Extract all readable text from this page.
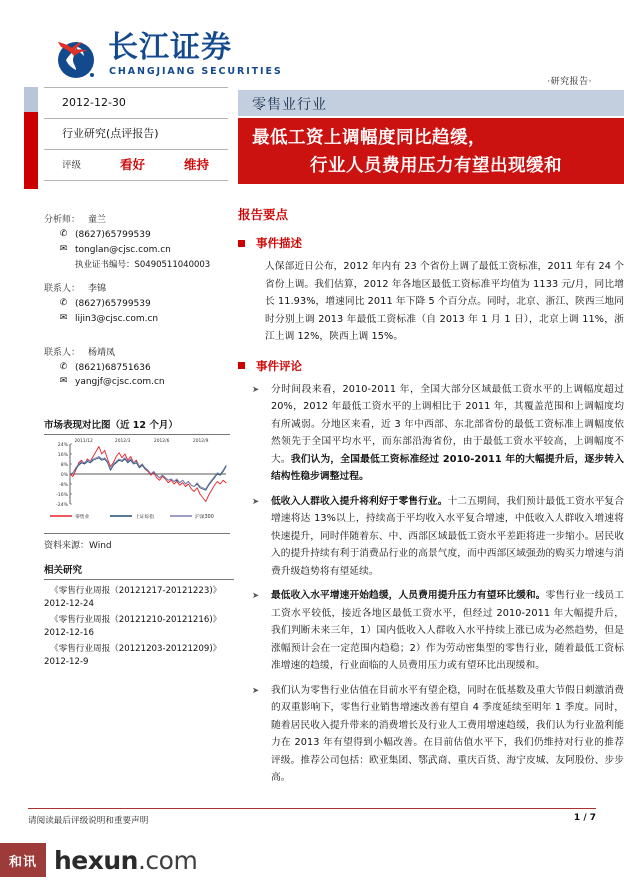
长江证券
CHANGJIANG SECURITIES
·研究报告·
2012-12-30
行业研究(点评报告)
评级	看好	维持
分析师： 童兰
✆ (8627)65799539
✉ tonglan@cjsc.com.cn
执业证书编号：S0490511040003
联系人： 李锦
✆ (8627)65799539
✉ lijin3@cjsc.com.cn
联系人： 杨靖凤
✆ (8621)68751636
✉ yangjf@cjsc.com.cn
市场表现对比图（近 12 个月）
24%
16%
8%
0%
-8%
-16%
-24%
2011/12	2012/3	2012/6	2012/9
零售业	上证综指	沪深300
资料来源：Wind
相关研究
《零售行业周报（20121217-20121223)》
2012-12-24
《零售行业周报（20121210-20121216)》
2012-12-16
《零售行业周报（20121203-20121209)》
2012-12-9
零售业行业
最低工资上调幅度同比趋缓，
行业人员费用压力有望出现缓和
报告要点
事件描述

人保部近日公布，2012 年内有 23 个省份上调了最低工资标准，2011 年有 24 个省份上调。我们估算，2012 年各地区最低工资标准平均值为 1133 元/月，同比增长 11.93%，增速同比 2011 年下降 5 个百分点。同时，北京、浙江、陕西三地同时分别上调 2013 年最低工资标准（自 2013 年 1 月 1 日），北京上调 11%，浙江上调 12%，陕西上调 15%。

事件评论
➤ 分时间段来看，2010-2011 年，全国大部分区域最低工资水平的上调幅度超过 20%，2012 年最低工资水平的上调相比于 2011 年，其覆盖范围和上调幅度均有所减弱。分地区来看，近 3 年中西部、东北部省份的最低工资标准上调幅度依然领先于全国平均水平，而东部沿海省份，由于最低工资水平较高，上调幅度不大。我们认为，全国最低工资标准经过 2010-2011 年的大幅提升后，逐步转入结构性稳步调整过程。
➤ 低收入人群收入提升将利好于零售行业。十二五期间，我们预计最低工资水平复合增速将达 13%以上，持续高于平均收入水平复合增速，中低收入人群收入增速将快速提升，同时伴随着东、中、西部区域最低工资水平差距将进一步缩小。居民收入的提升持续有利于消费品行业的高景气度，而中西部区域强劲的购买力增速与消费升级趋势将有望延续。
➤ 最低收入水平增速开始趋缓，人员费用提升压力有望环比缓和。零售行业一线员工工资水平较低，接近各地区最低工资水平，但经过 2010-2011 年大幅提升后，我们判断未来三年，1）国内低收入人群收入水平持续上涨已成为必然趋势，但是涨幅预计会在一定范围内趋稳；2）作为劳动密集型的零售行业，随着最低工资标准增速的趋缓，行业面临的人员费用压力或有望环比出现缓和。
➤ 我们认为零售行业估值在目前水平有望企稳，同时在低基数及重大节假日刺激消费的双重影响下，零售行业销售增速改善有望自 4 季度延续至明年 1 季度。同时，随着居民收入提升带来的消费增长及行业人工费用增速趋缓，我们认为行业盈利能力在 2013 年有望得到小幅改善。在目前估值水平下，我们仍维持对行业的推荐评级。推荐公司包括：欧亚集团、鄂武商、重庆百货、海宁皮城、友阿股份、步步高。
请阅读最后评级说明和重要声明	1 / 7
和讯 hexun.com
